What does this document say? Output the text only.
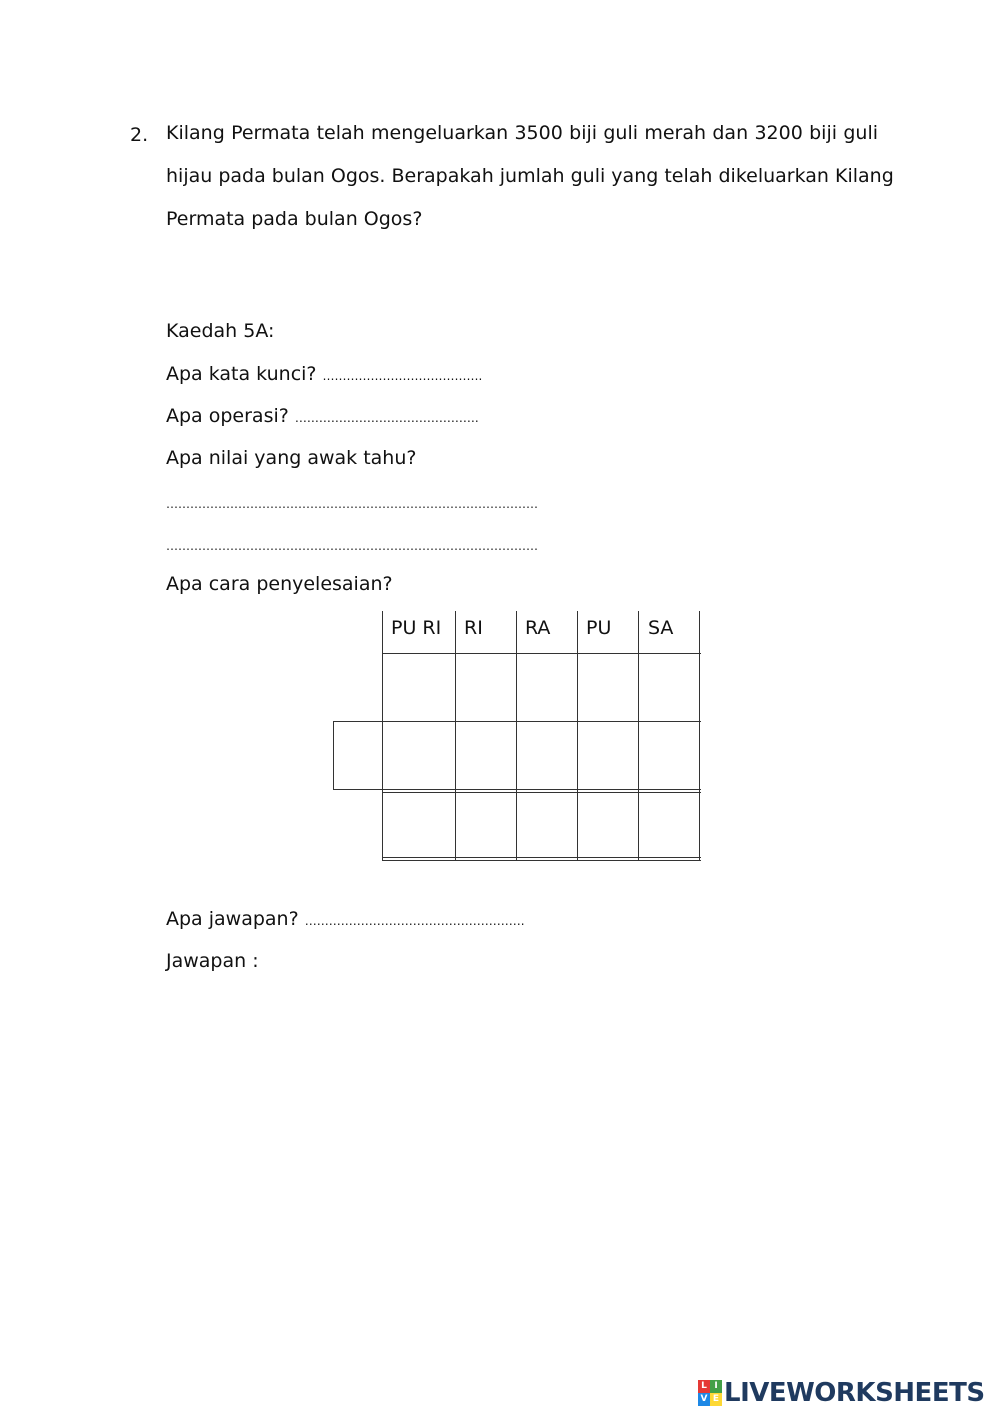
2. Kilang Permata telah mengeluarkan 3500 biji guli merah dan 3200 biji guli
hijau pada bulan Ogos. Berapakah jumlah guli yang telah dikeluarkan Kilang
Permata pada bulan Ogos?
Kaedah 5A:
Apa kata kunci? ………………………………….
Apa operasi? ……………………………………….
Apa nilai yang awak tahu?
…………………………………………………………………………………
…………………………………………………………………………………
Apa cara penyelesaian?
PU RI RI RA PU SA
Apa jawapan? ……………………………………………….
Jawapan :
L I
V E LIVEWORKSHEETS
